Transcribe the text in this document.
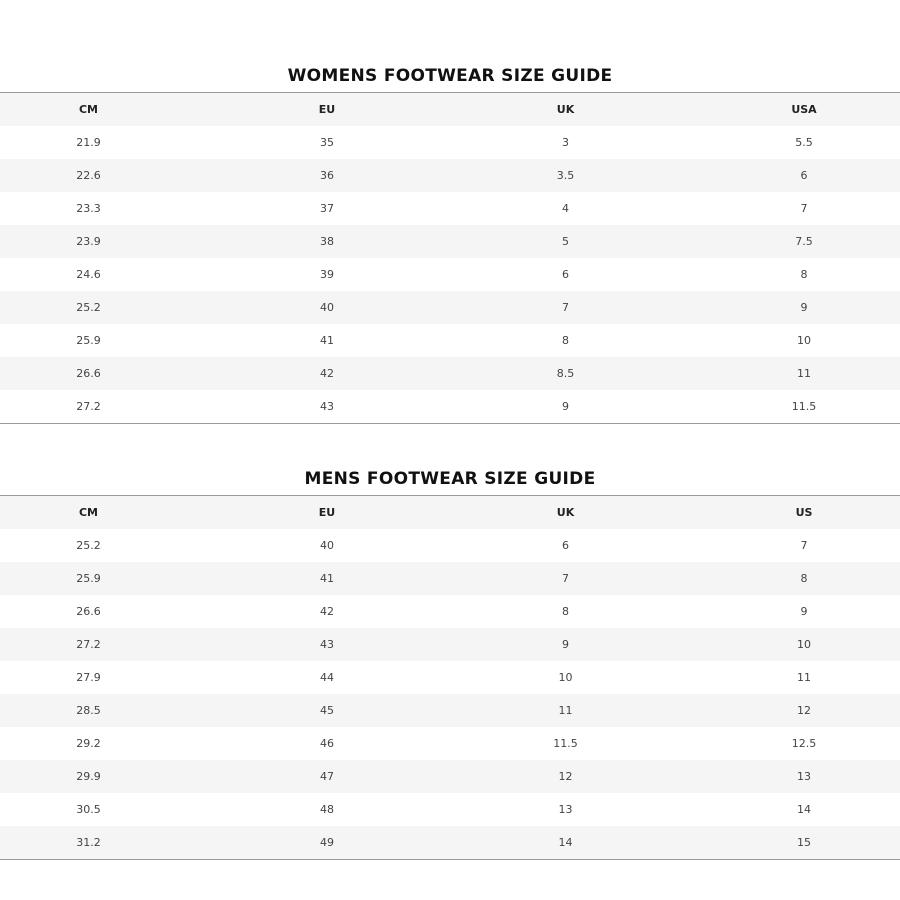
WOMENS FOOTWEAR SIZE GUIDE
CM	EU	UK	USA
21.9	35	3	5.5
22.6	36	3.5	6
23.3	37	4	7
23.9	38	5	7.5
24.6	39	6	8
25.2	40	7	9
25.9	41	8	10
26.6	42	8.5	11
27.2	43	9	11.5
MENS FOOTWEAR SIZE GUIDE
CM	EU	UK	US
25.2	40	6	7
25.9	41	7	8
26.6	42	8	9
27.2	43	9	10
27.9	44	10	11
28.5	45	11	12
29.2	46	11.5	12.5
29.9	47	12	13
30.5	48	13	14
31.2	49	14	15
